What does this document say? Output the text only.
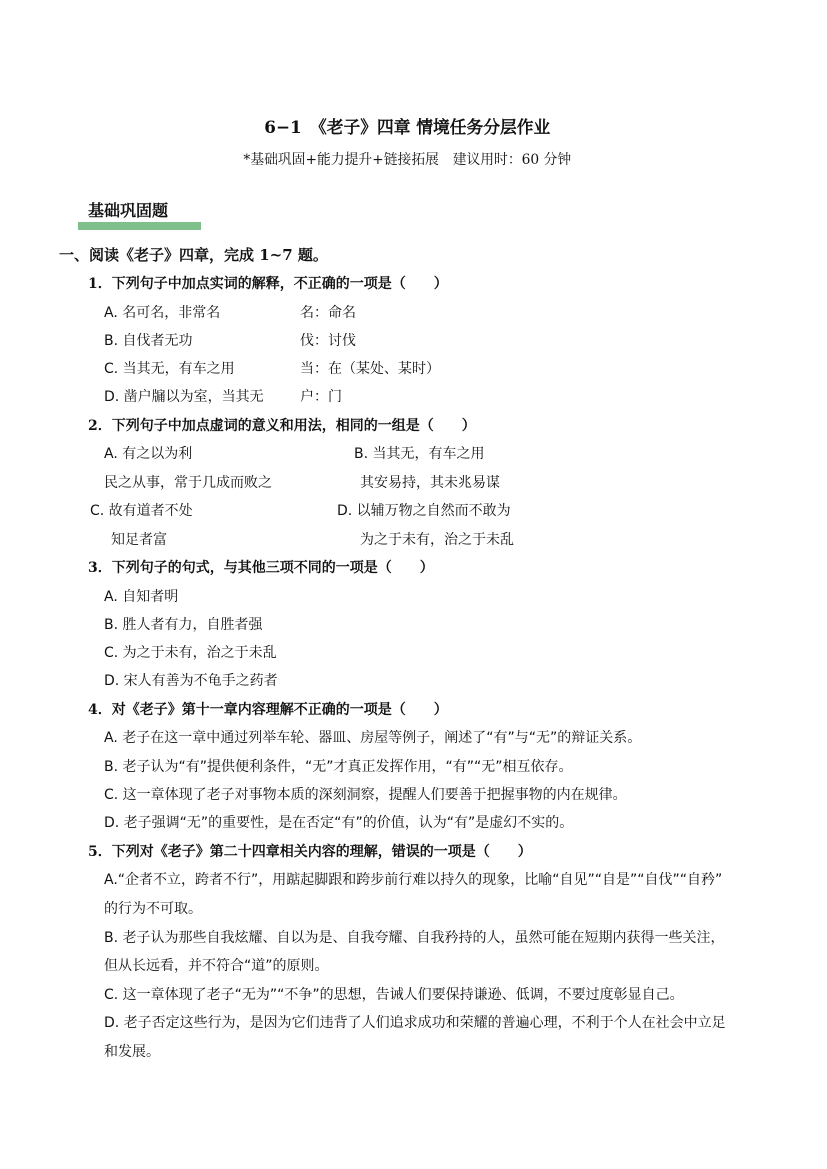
6−1　《老子》四章 情境任务分层作业
*基础巩固+能力提升+链接拓展　建议用时：60 分钟
基础巩固题
一、阅读《老子》四章，完成 1~7 题。
1．下列句子中加点实词的解释，不正确的一项是（　　）
A. 名可名，非常名	名：命名
B. 自伐者无功	伐：讨伐
C. 当其无，有车之用	当：在（某处、某时）
D. 凿户牖以为室，当其无	户：门
2．下列句子中加点虚词的意义和用法，相同的一组是（　　）
A. 有之以为利	B. 当其无，有车之用
民之从事，常于几成而败之	其安易持，其未兆易谋
C. 故有道者不处	D. 以辅万物之自然而不敢为
知足者富	为之于未有，治之于未乱
3．下列句子的句式，与其他三项不同的一项是（　　）
A. 自知者明
B. 胜人者有力，自胜者强
C. 为之于未有，治之于未乱
D. 宋人有善为不龟手之药者
4．对《老子》第十一章内容理解不正确的一项是（　　）
A. 老子在这一章中通过列举车轮、器皿、房屋等例子，阐述了“有”与“无”的辩证关系。
B. 老子认为“有”提供便利条件，“无”才真正发挥作用，“有”“无”相互依存。
C. 这一章体现了老子对事物本质的深刻洞察，提醒人们要善于把握事物的内在规律。
D. 老子强调“无”的重要性，是在否定“有”的价值，认为“有”是虚幻不实的。
5．下列对《老子》第二十四章相关内容的理解，错误的一项是（　　）
A.“企者不立，跨者不行”，用踮起脚跟和跨步前行难以持久的现象，比喻“自见”“自是”“自伐”“自矜”
的行为不可取。
B. 老子认为那些自我炫耀、自以为是、自我夸耀、自我矜持的人，虽然可能在短期内获得一些关注，
但从长远看，并不符合“道”的原则。
C. 这一章体现了老子“无为”“不争”的思想，告诫人们要保持谦逊、低调，不要过度彰显自己。
D. 老子否定这些行为，是因为它们违背了人们追求成功和荣耀的普遍心理，不利于个人在社会中立足
和发展。
